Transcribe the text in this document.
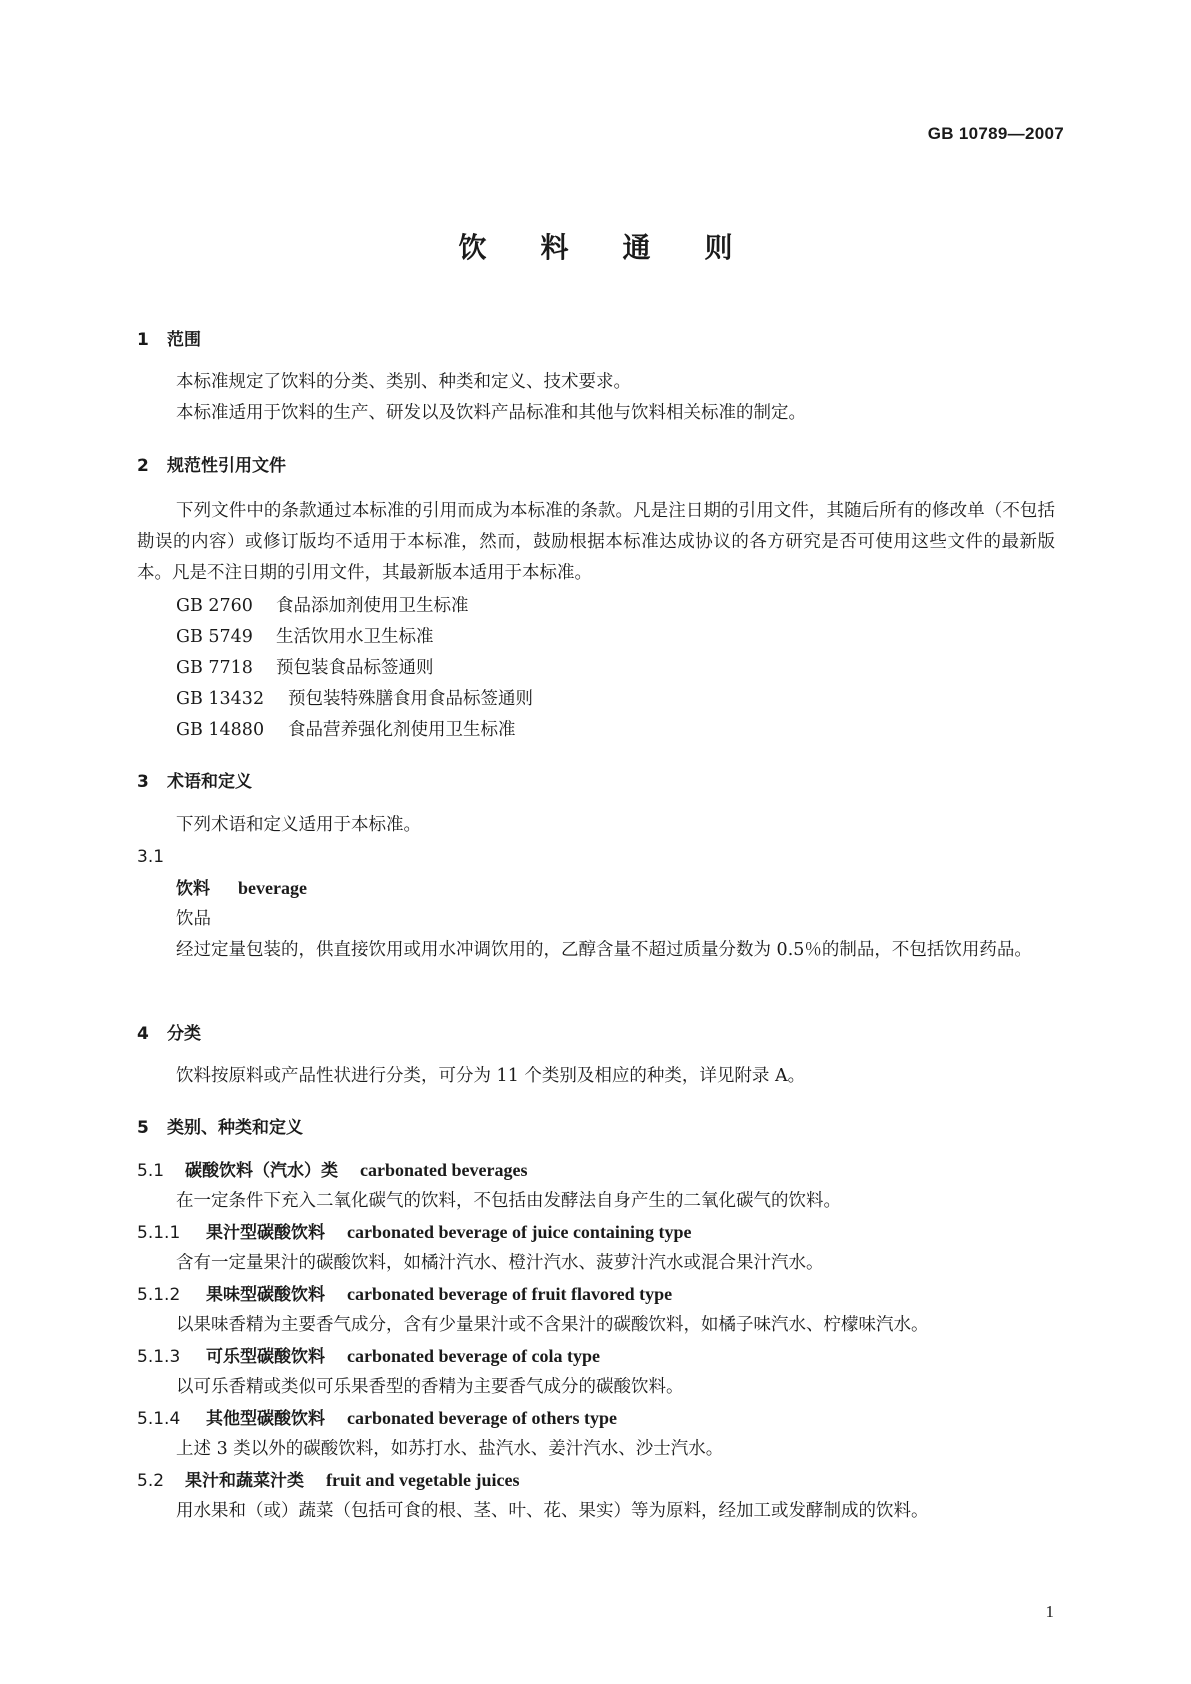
GB 10789—2007
饮料通则
1 范围
本标准规定了饮料的分类、类别、种类和定义、技术要求。
本标准适用于饮料的生产、研发以及饮料产品标准和其他与饮料相关标准的制定。
2 规范性引用文件
下列文件中的条款通过本标准的引用而成为本标准的条款。凡是注日期的引用文件，其随后所有的修改单（不包括勘误的内容）或修订版均不适用于本标准，然而，鼓励根据本标准达成协议的各方研究是否可使用这些文件的最新版本。凡是不注日期的引用文件，其最新版本适用于本标准。
GB 2760 食品添加剂使用卫生标准
GB 5749 生活饮用水卫生标准
GB 7718 预包装食品标签通则
GB 13432 预包装特殊膳食用食品标签通则
GB 14880 食品营养强化剂使用卫生标准
3 术语和定义
下列术语和定义适用于本标准。
3.1
饮料 beverage
饮品
经过定量包装的，供直接饮用或用水冲调饮用的，乙醇含量不超过质量分数为 0.5％的制品，不包括饮用药品。
4 分类
饮料按原料或产品性状进行分类，可分为 11 个类别及相应的种类，详见附录 A。
5 类别、种类和定义
5.1 碳酸饮料（汽水）类 carbonated beverages
在一定条件下充入二氧化碳气的饮料，不包括由发酵法自身产生的二氧化碳气的饮料。
5.1.1 果汁型碳酸饮料 carbonated beverage of juice containing type
含有一定量果汁的碳酸饮料，如橘汁汽水、橙汁汽水、菠萝汁汽水或混合果汁汽水。
5.1.2 果味型碳酸饮料 carbonated beverage of fruit flavored type
以果味香精为主要香气成分，含有少量果汁或不含果汁的碳酸饮料，如橘子味汽水、柠檬味汽水。
5.1.3 可乐型碳酸饮料 carbonated beverage of cola type
以可乐香精或类似可乐果香型的香精为主要香气成分的碳酸饮料。
5.1.4 其他型碳酸饮料 carbonated beverage of others type
上述 3 类以外的碳酸饮料，如苏打水、盐汽水、姜汁汽水、沙士汽水。
5.2 果汁和蔬菜汁类 fruit and vegetable juices
用水果和（或）蔬菜（包括可食的根、茎、叶、花、果实）等为原料，经加工或发酵制成的饮料。
1
